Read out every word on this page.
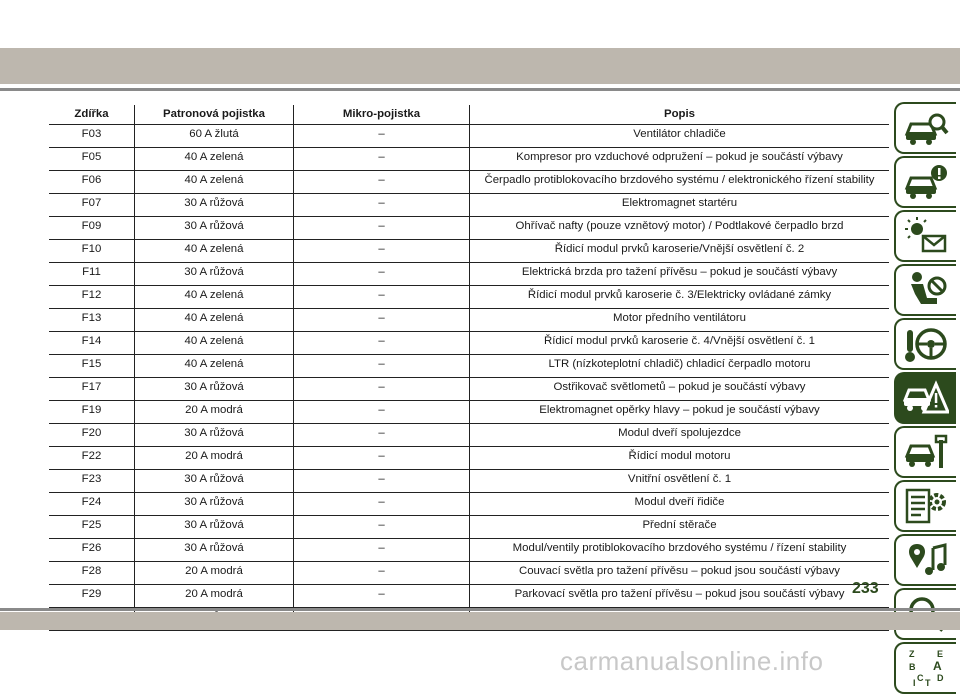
Zdířka	Patronová pojistka	Mikro-pojistka	Popis
F03	60 A žlutá	–	Ventilátor chladiče
F05	40 A zelená	–	Kompresor pro vzduchové odpružení – pokud je součástí výbavy
F06	40 A zelená	–	Čerpadlo protiblokovacího brzdového systému / elektronického řízení stability
F07	30 A růžová	–	Elektromagnet startéru
F09	30 A růžová	–	Ohřívač nafty (pouze vznětový motor) / Podtlakové čerpadlo brzd
F10	40 A zelená	–	Řídicí modul prvků karoserie/Vnější osvětlení č. 2
F11	30 A růžová	–	Elektrická brzda pro tažení přívěsu – pokud je součástí výbavy
F12	40 A zelená	–	Řídicí modul prvků karoserie č. 3/Elektricky ovládané zámky
F13	40 A zelená	–	Motor předního ventilátoru
F14	40 A zelená	–	Řídicí modul prvků karoserie č. 4/Vnější osvětlení č. 1
F15	40 A zelená	–	LTR (nízkoteplotní chladič) chladicí čerpadlo motoru
F17	30 A růžová	–	Ostřikovač světlometů – pokud je součástí výbavy
F19	20 A modrá	–	Elektromagnet opěrky hlavy – pokud je součástí výbavy
F20	30 A růžová	–	Modul dveří spolujezdce
F22	20 A modrá	–	Řídicí modul motoru
F23	30 A růžová	–	Vnitřní osvětlení č. 1
F24	30 A růžová	–	Modul dveří řidiče
F25	30 A růžová	–	Přední stěrače
F26	30 A růžová	–	Modul/ventily protiblokovacího brzdového systému / řízení stability
F28	20 A modrá	–	Couvací světla pro tažení přívěsu – pokud jsou součástí výbavy
F29	20 A modrá	–	Parkovací světla pro tažení přívěsu – pokud jsou součástí výbavy

Z	E
B A
C D
T
I
233
carmanualsonline.info
